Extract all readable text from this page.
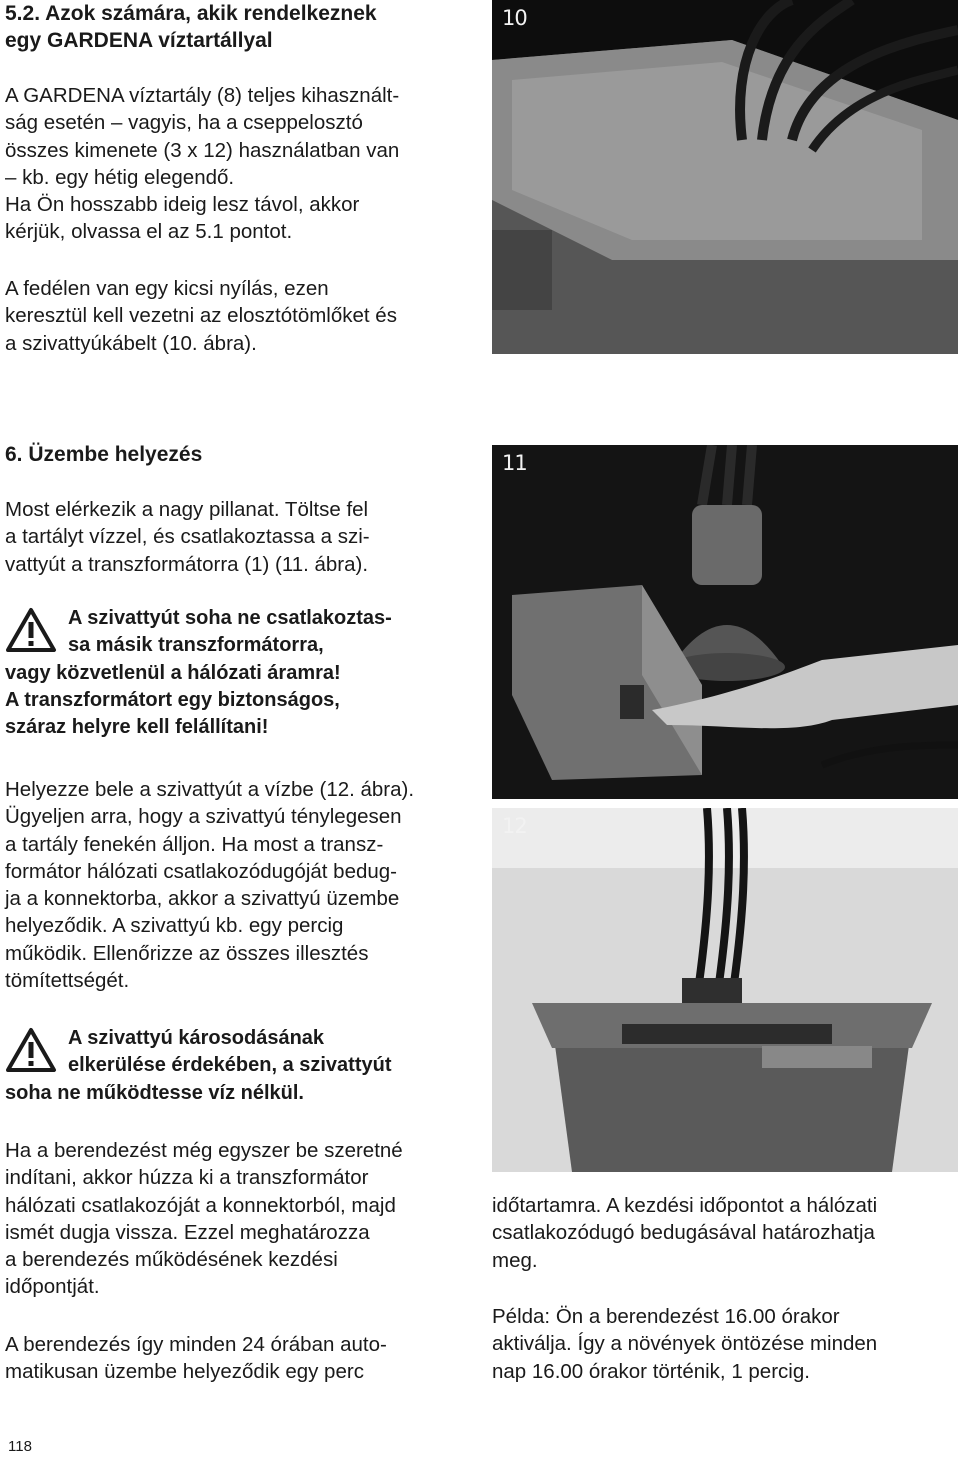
5.2. Azok számára, akik rendelkeznek
egy GARDENA víztartállyal

A GARDENA víztartály (8) teljes kihasznált-
ság esetén – vagyis, ha a cseppelosztó
összes kimenete (3 x 12) használatban van
– kb. egy hétig elegendő.
Ha Ön hosszabb ideig lesz távol, akkor
kérjük, olvassa el az 5.1 pontot.

A fedélen van egy kicsi nyílás, ezen
keresztül kell vezetni az elosztótömlőket és
a szivattyúkábelt (10. ábra).

6. Üzembe helyezés

Most elérkezik a nagy pillanat. Töltse fel
a tartályt vízzel, és csatlakoztassa a szi-
vattyút a transzformátorra (1) (11. ábra).

A szivattyút soha ne csatlakoztas-
sa másik transzformátorra,

vagy közvetlenül a hálózati áramra!
A transzformátort egy biztonságos,
száraz helyre kell felállítani!

Helyezze bele a szivattyút a vízbe (12. ábra).
Ügyeljen arra, hogy a szivattyú ténylegesen
a tartály fenekén álljon. Ha most a transz-
formátor hálózati csatlakozódugóját bedug-
ja a konnektorba, akkor a szivattyú üzembe
helyeződik. A szivattyú kb. egy percig
működik. Ellenőrizze az összes illesztés
tömítettségét.

A szivattyú károsodásának
elkerülése érdekében, a szivattyút

soha ne működtesse víz nélkül.

Ha a berendezést még egyszer be szeretné
indítani, akkor húzza ki a transzformátor
hálózati csatlakozóját a konnektorból, majd
ismét dugja vissza. Ezzel meghatározza
a berendezés működésének kezdési
időpontját.

A berendezés így minden 24 órában auto-
matikusan üzembe helyeződik egy perc

10
11
12

időtartamra. A kezdési időpontot a hálózati
csatlakozódugó bedugásával határozhatja
meg.

Példa: Ön a berendezést 16.00 órakor
aktiválja. Így a növények öntözése minden
nap 16.00 órakor történik, 1 percig.

118
